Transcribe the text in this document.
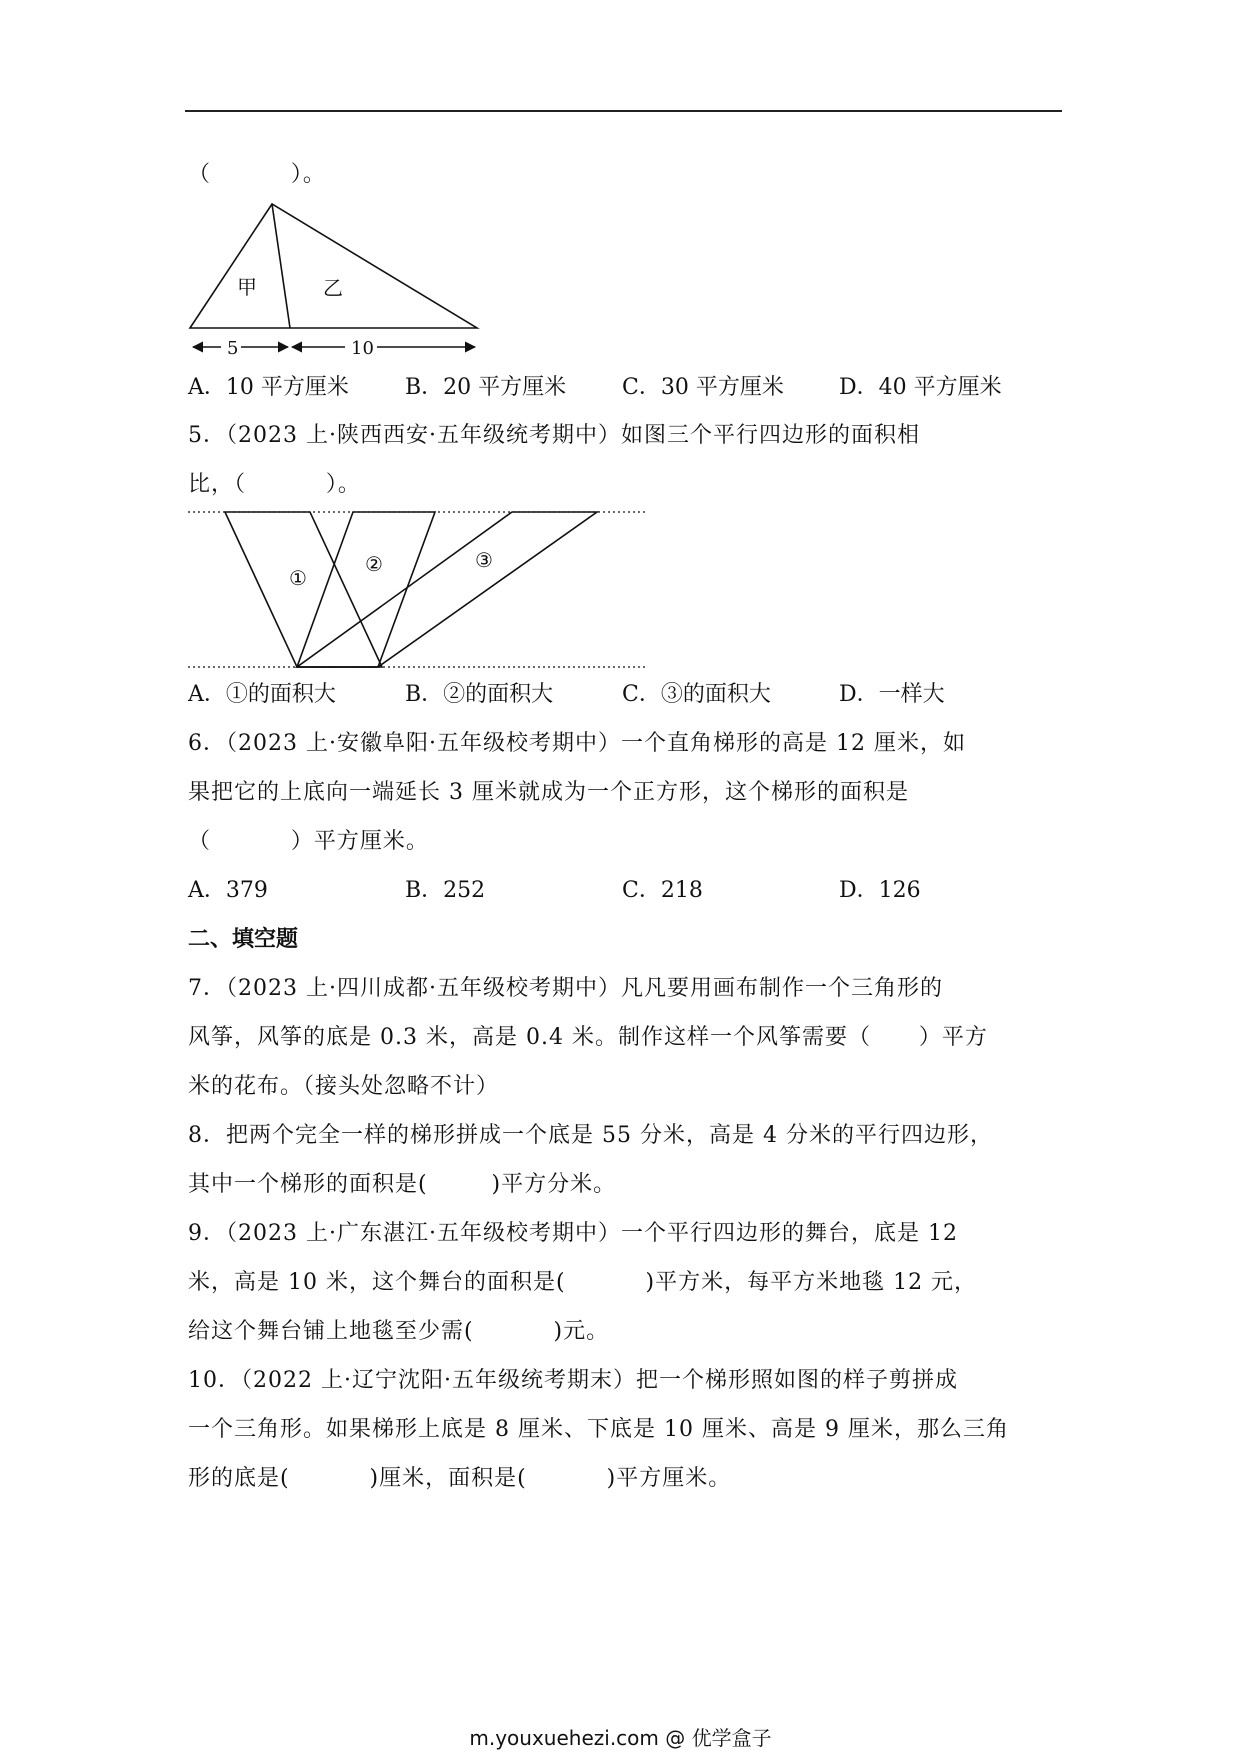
（          ）。
甲	乙
5	10

A．10 平方厘米

	B．20 平方厘米

	C．30 平方厘米

	D．40 平方厘米

5．（2023 上·陕西西安·五年级统考期中）如图三个平行四边形的面积相
比，（          ）。
①
②	③

A．①的面积大

	B．②的面积大

	C．③的面积大

	D．一样大

6．（2023 上·安徽阜阳·五年级校考期中）一个直角梯形的高是 12 厘米，如
果把它的上底向一端延长 3 厘米就成为一个正方形，这个梯形的面积是
（          ）平方厘米。

A．379

	B．252

	C．218

	D．126

二、填空题
7．（2023 上·四川成都·五年级校考期中）凡凡要用画布制作一个三角形的
风筝，风筝的底是 0.3 米，高是 0.4 米。制作这样一个风筝需要（      ）平方
米的花布。（接头处忽略不计）
8．把两个完全一样的梯形拼成一个底是 55 分米，高是 4 分米的平行四边形，
其中一个梯形的面积是(        )平方分米。
9．（2023 上·广东湛江·五年级校考期中）一个平行四边形的舞台，底是 12
米，高是 10 米，这个舞台的面积是(          )平方米，每平方米地毯 12 元，
给这个舞台铺上地毯至少需(          )元。
10．（2022 上·辽宁沈阳·五年级统考期末）把一个梯形照如图的样子剪拼成
一个三角形。如果梯形上底是 8 厘米、下底是 10 厘米、高是 9 厘米，那么三角
形的底是(          )厘米，面积是(          )平方厘米。
m.youxuehezi.com @ 优学盒子
